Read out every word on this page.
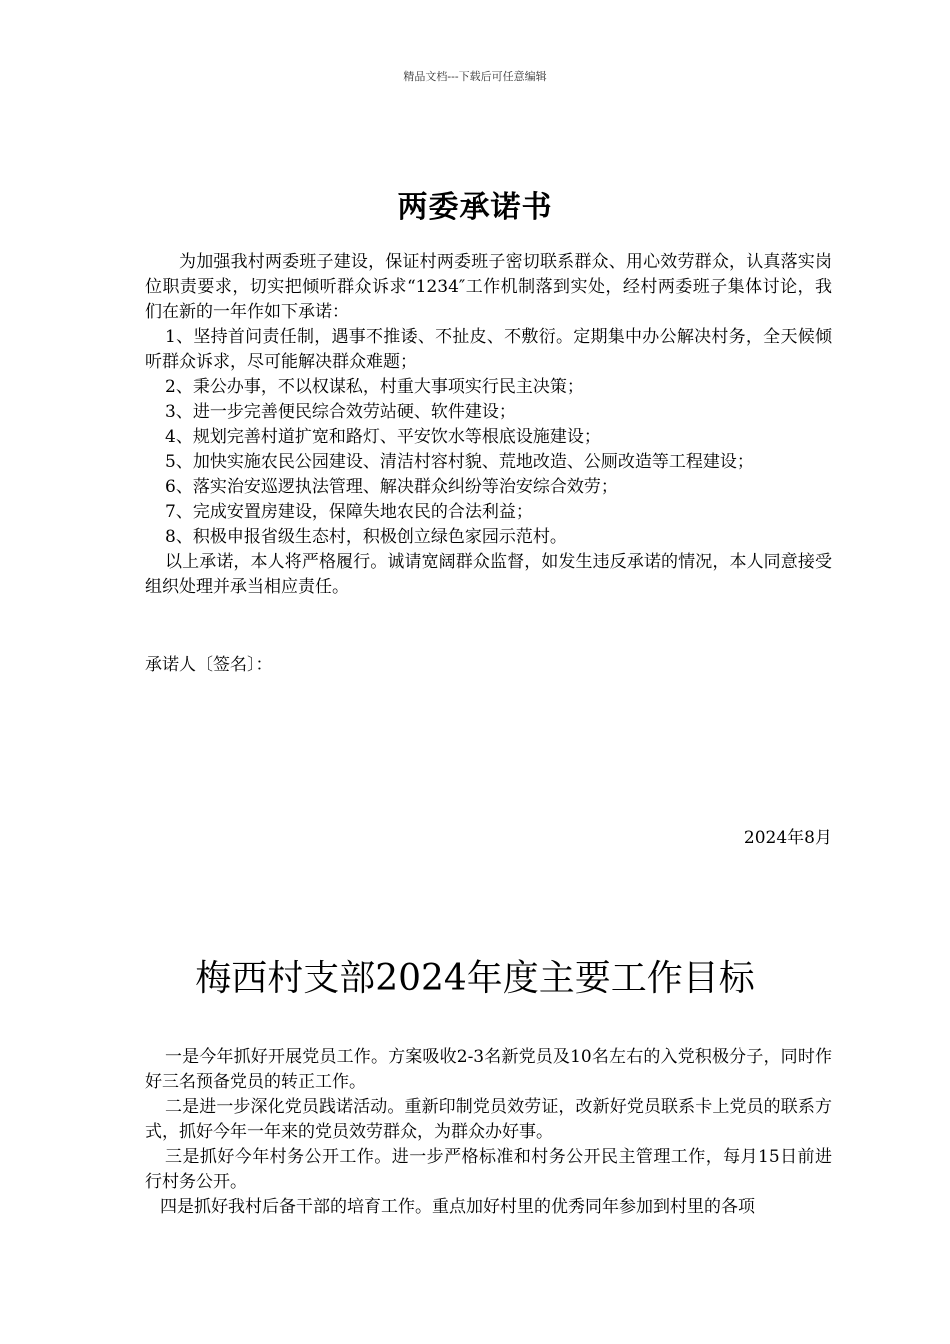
精品文档---下载后可任意编辑
两委承诺书

为加强我村两委班子建设，保证村两委班子密切联系群众、用心效劳群众，认真落实岗位职责要求，切实把倾听群众诉求“1234″工作机制落到实处，经村两委班子集体讨论，我们在新的一年作如下承诺：

1、坚持首问责任制，遇事不推诿、不扯皮、不敷衍。定期集中办公解决村务，全天候倾听群众诉求，尽可能解决群众难题；

2、秉公办事，不以权谋私，村重大事项实行民主决策；

3、进一步完善便民综合效劳站硬、软件建设；

4、规划完善村道扩宽和路灯、平安饮水等根底设施建设；

5、加快实施农民公园建设、清洁村容村貌、荒地改造、公厕改造等工程建设；

6、落实治安巡逻执法管理、解决群众纠纷等治安综合效劳；

7、完成安置房建设，保障失地农民的合法利益；

8、积极申报省级生态村，积极创立绿色家园示范村。

以上承诺，本人将严格履行。诚请宽阔群众监督，如发生违反承诺的情况，本人同意接受组织处理并承当相应责任。

承诺人〔签名〕：
2024年8月
梅西村支部2024年度主要工作目标

一是今年抓好开展党员工作。方案吸收2-3名新党员及10名左右的入党积极分子，同时作好三名预备党员的转正工作。

二是进一步深化党员践诺活动。重新印制党员效劳证，改新好党员联系卡上党员的联系方式，抓好今年一年来的党员效劳群众，为群众办好事。

三是抓好今年村务公开工作。进一步严格标准和村务公开民主管理工作，每月15日前进行村务公开。

四是抓好我村后备干部的培育工作。重点加好村里的优秀同年参加到村里的各项
